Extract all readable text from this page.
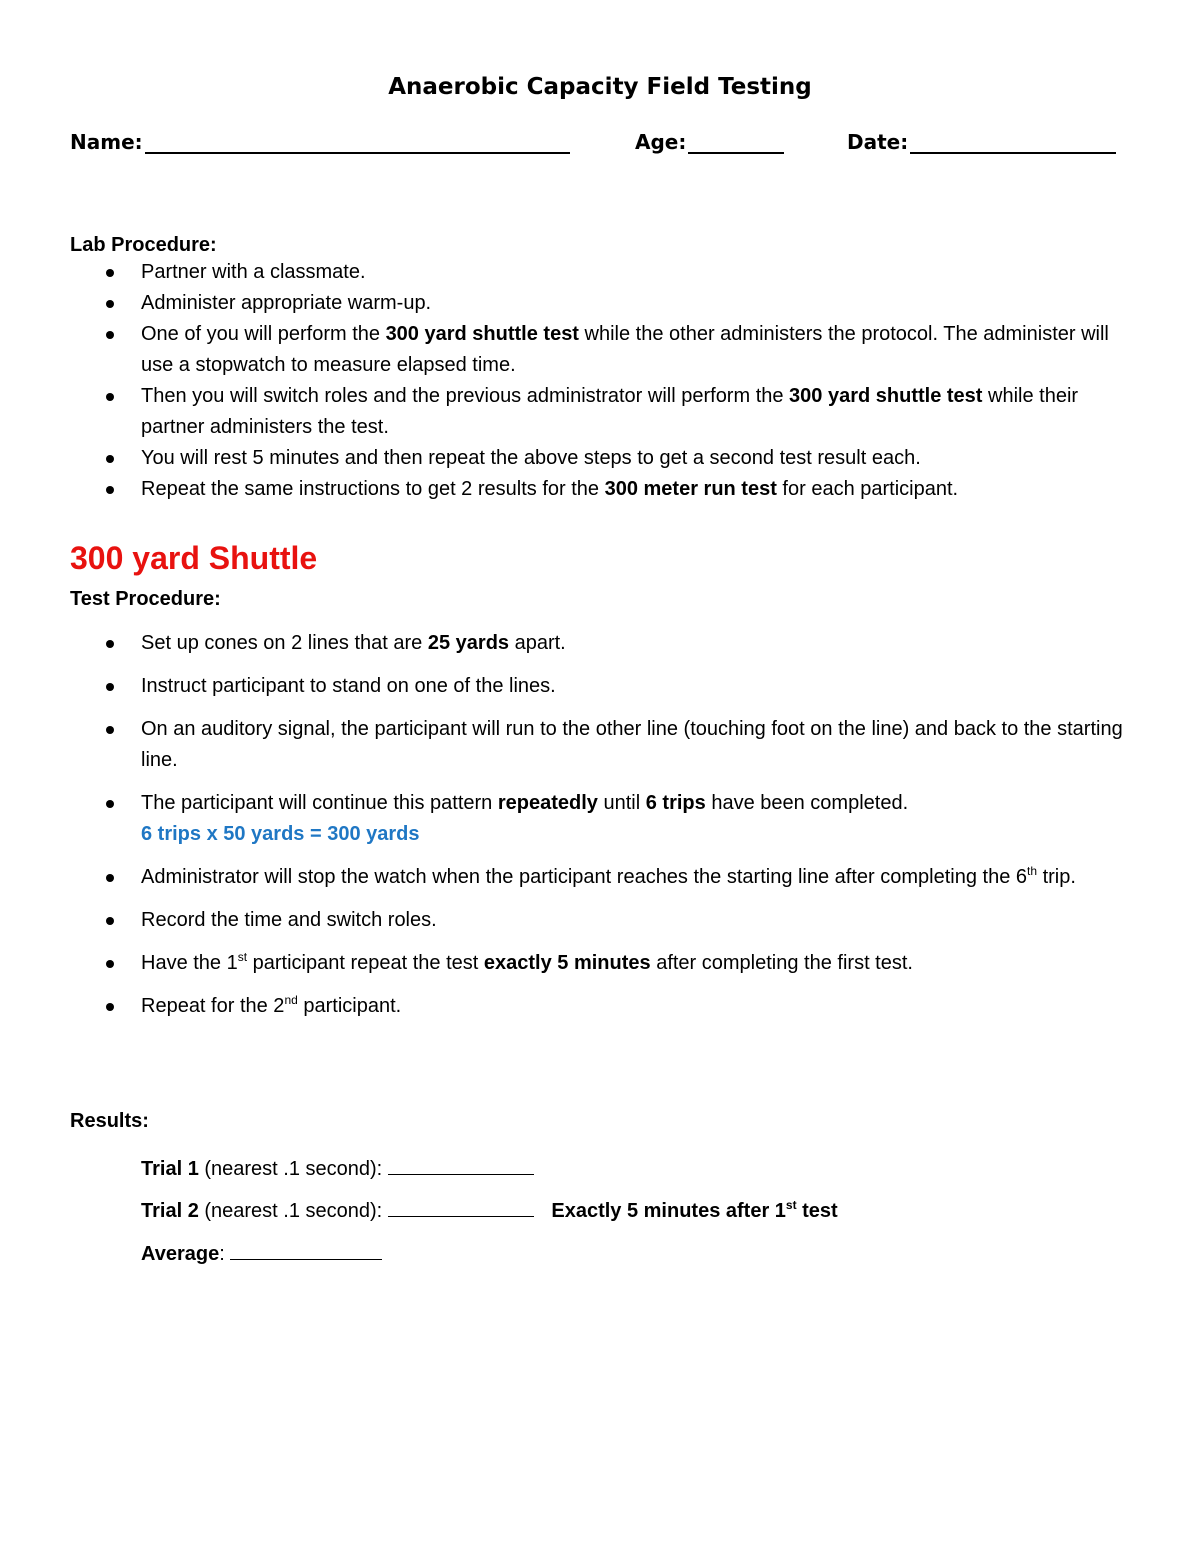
Anaerobic Capacity Field Testing
Name:	Age:	Date:
Lab Procedure:
Partner with a classmate.
Administer appropriate warm-up.
One of you will perform the 300 yard shuttle test while the other administers the protocol. The administer will use a stopwatch to measure elapsed time.
Then you will switch roles and the previous administrator will perform the 300 yard shuttle test while their partner administers the test.
You will rest 5 minutes and then repeat the above steps to get a second test result each.
Repeat the same instructions to get 2 results for the 300 meter run test for each participant.
300 yard Shuttle
Test Procedure:
Set up cones on 2 lines that are 25 yards apart.
Instruct participant to stand on one of the lines.
On an auditory signal, the participant will run to the other line (touching foot on the line) and back to the starting line.
The participant will continue this pattern repeatedly until 6 trips have been completed.
6 trips x 50 yards = 300 yards
Administrator will stop the watch when the participant reaches the starting line after completing the 6th trip.
Record the time and switch roles.
Have the 1st participant repeat the test exactly 5 minutes after completing the first test.
Repeat for the 2nd participant.
Results:
Trial 1 (nearest .1 second):
Trial 2 (nearest .1 second):	Exactly 5 minutes after 1st test
Average:
